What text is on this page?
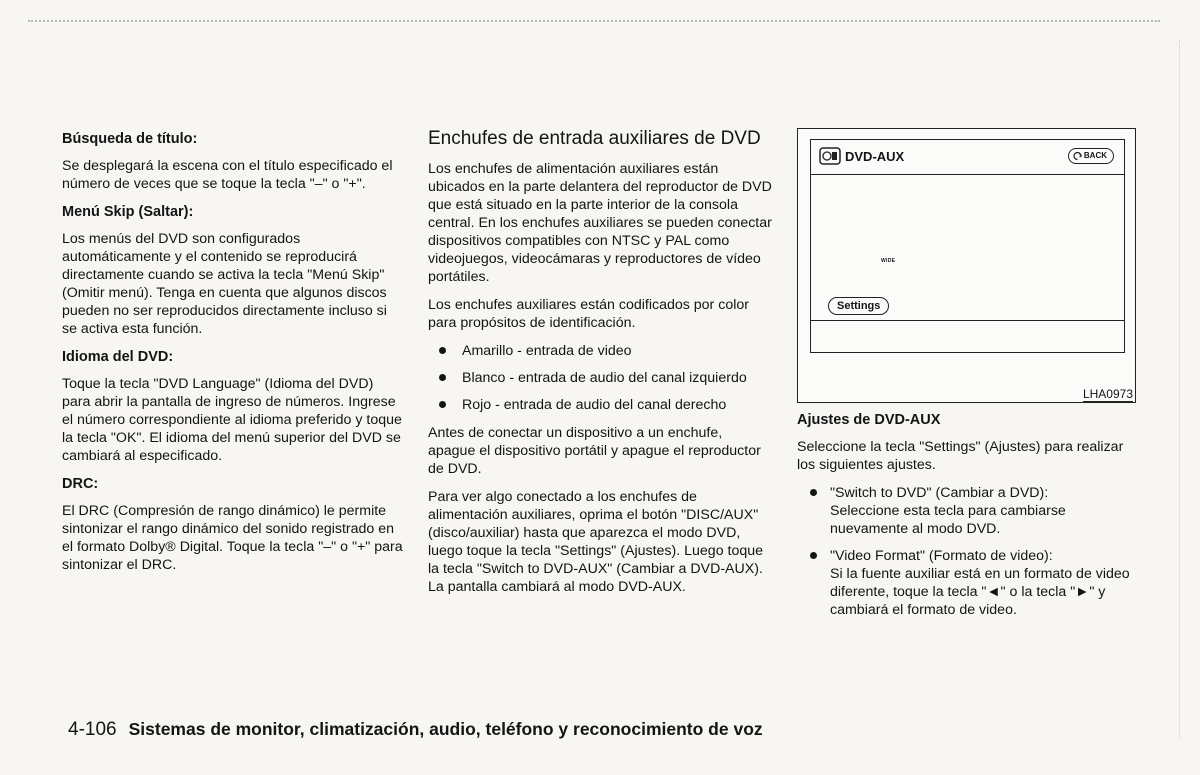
Búsqueda de título:

Se desplegará la escena con el título especificado el número de veces que se toque la tecla "–" o "+".

Menú Skip (Saltar):

Los menús del DVD son configurados automáticamente y el contenido se reproducirá directamente cuando se activa la tecla "Menú Skip" (Omitir menú). Tenga en cuenta que algunos discos pueden no ser reproducidos directamente incluso si se activa esta función.

Idioma del DVD:

Toque la tecla "DVD Language" (Idioma del DVD) para abrir la pantalla de ingreso de números. Ingrese el número correspondiente al idioma preferido y toque la tecla "OK". El idioma del menú superior del DVD se cambiará al especificado.

DRC:

El DRC (Compresión de rango dinámico) le permite sintonizar el rango dinámico del sonido registrado en el formato Dolby® Digital. Toque la tecla "–" o "+" para sintonizar el DRC.

Enchufes de entrada auxiliares de DVD

Los enchufes de alimentación auxiliares están ubicados en la parte delantera del reproductor de DVD que está situado en la parte interior de la consola central. En los enchufes auxiliares se pueden conectar dispositivos compatibles con NTSC y PAL como videojuegos, videocámaras y reproductores de vídeo portátiles.

Los enchufes auxiliares están codificados por color para propósitos de identificación.

Amarillo - entrada de video
Blanco - entrada de audio del canal izquierdo
Rojo - entrada de audio del canal derecho

Antes de conectar un dispositivo a un enchufe, apague el dispositivo portátil y apague el reproductor de DVD.

Para ver algo conectado a los enchufes de alimentación auxiliares, oprima el botón "DISC/AUX" (disco/auxiliar) hasta que aparezca el modo DVD, luego toque la tecla "Settings" (Ajustes). Luego toque la tecla "Switch to DVD-AUX" (Cambiar a DVD-AUX). La pantalla cambiará al modo DVD-AUX.

DVD-AUX	BACK
WIDE
Settings
LHA0973

Ajustes de DVD-AUX

Seleccione la tecla "Settings" (Ajustes) para realizar los siguientes ajustes.

"Switch to DVD" (Cambiar a DVD):
Seleccione esta tecla para cambiarse nuevamente al modo DVD.
"Video Format" (Formato de video):
Si la fuente auxiliar está en un formato de video diferente, toque la tecla "◄" o la tecla "►" y cambiará el formato de video.
4-106 Sistemas de monitor, climatización, audio, teléfono y reconocimiento de voz
